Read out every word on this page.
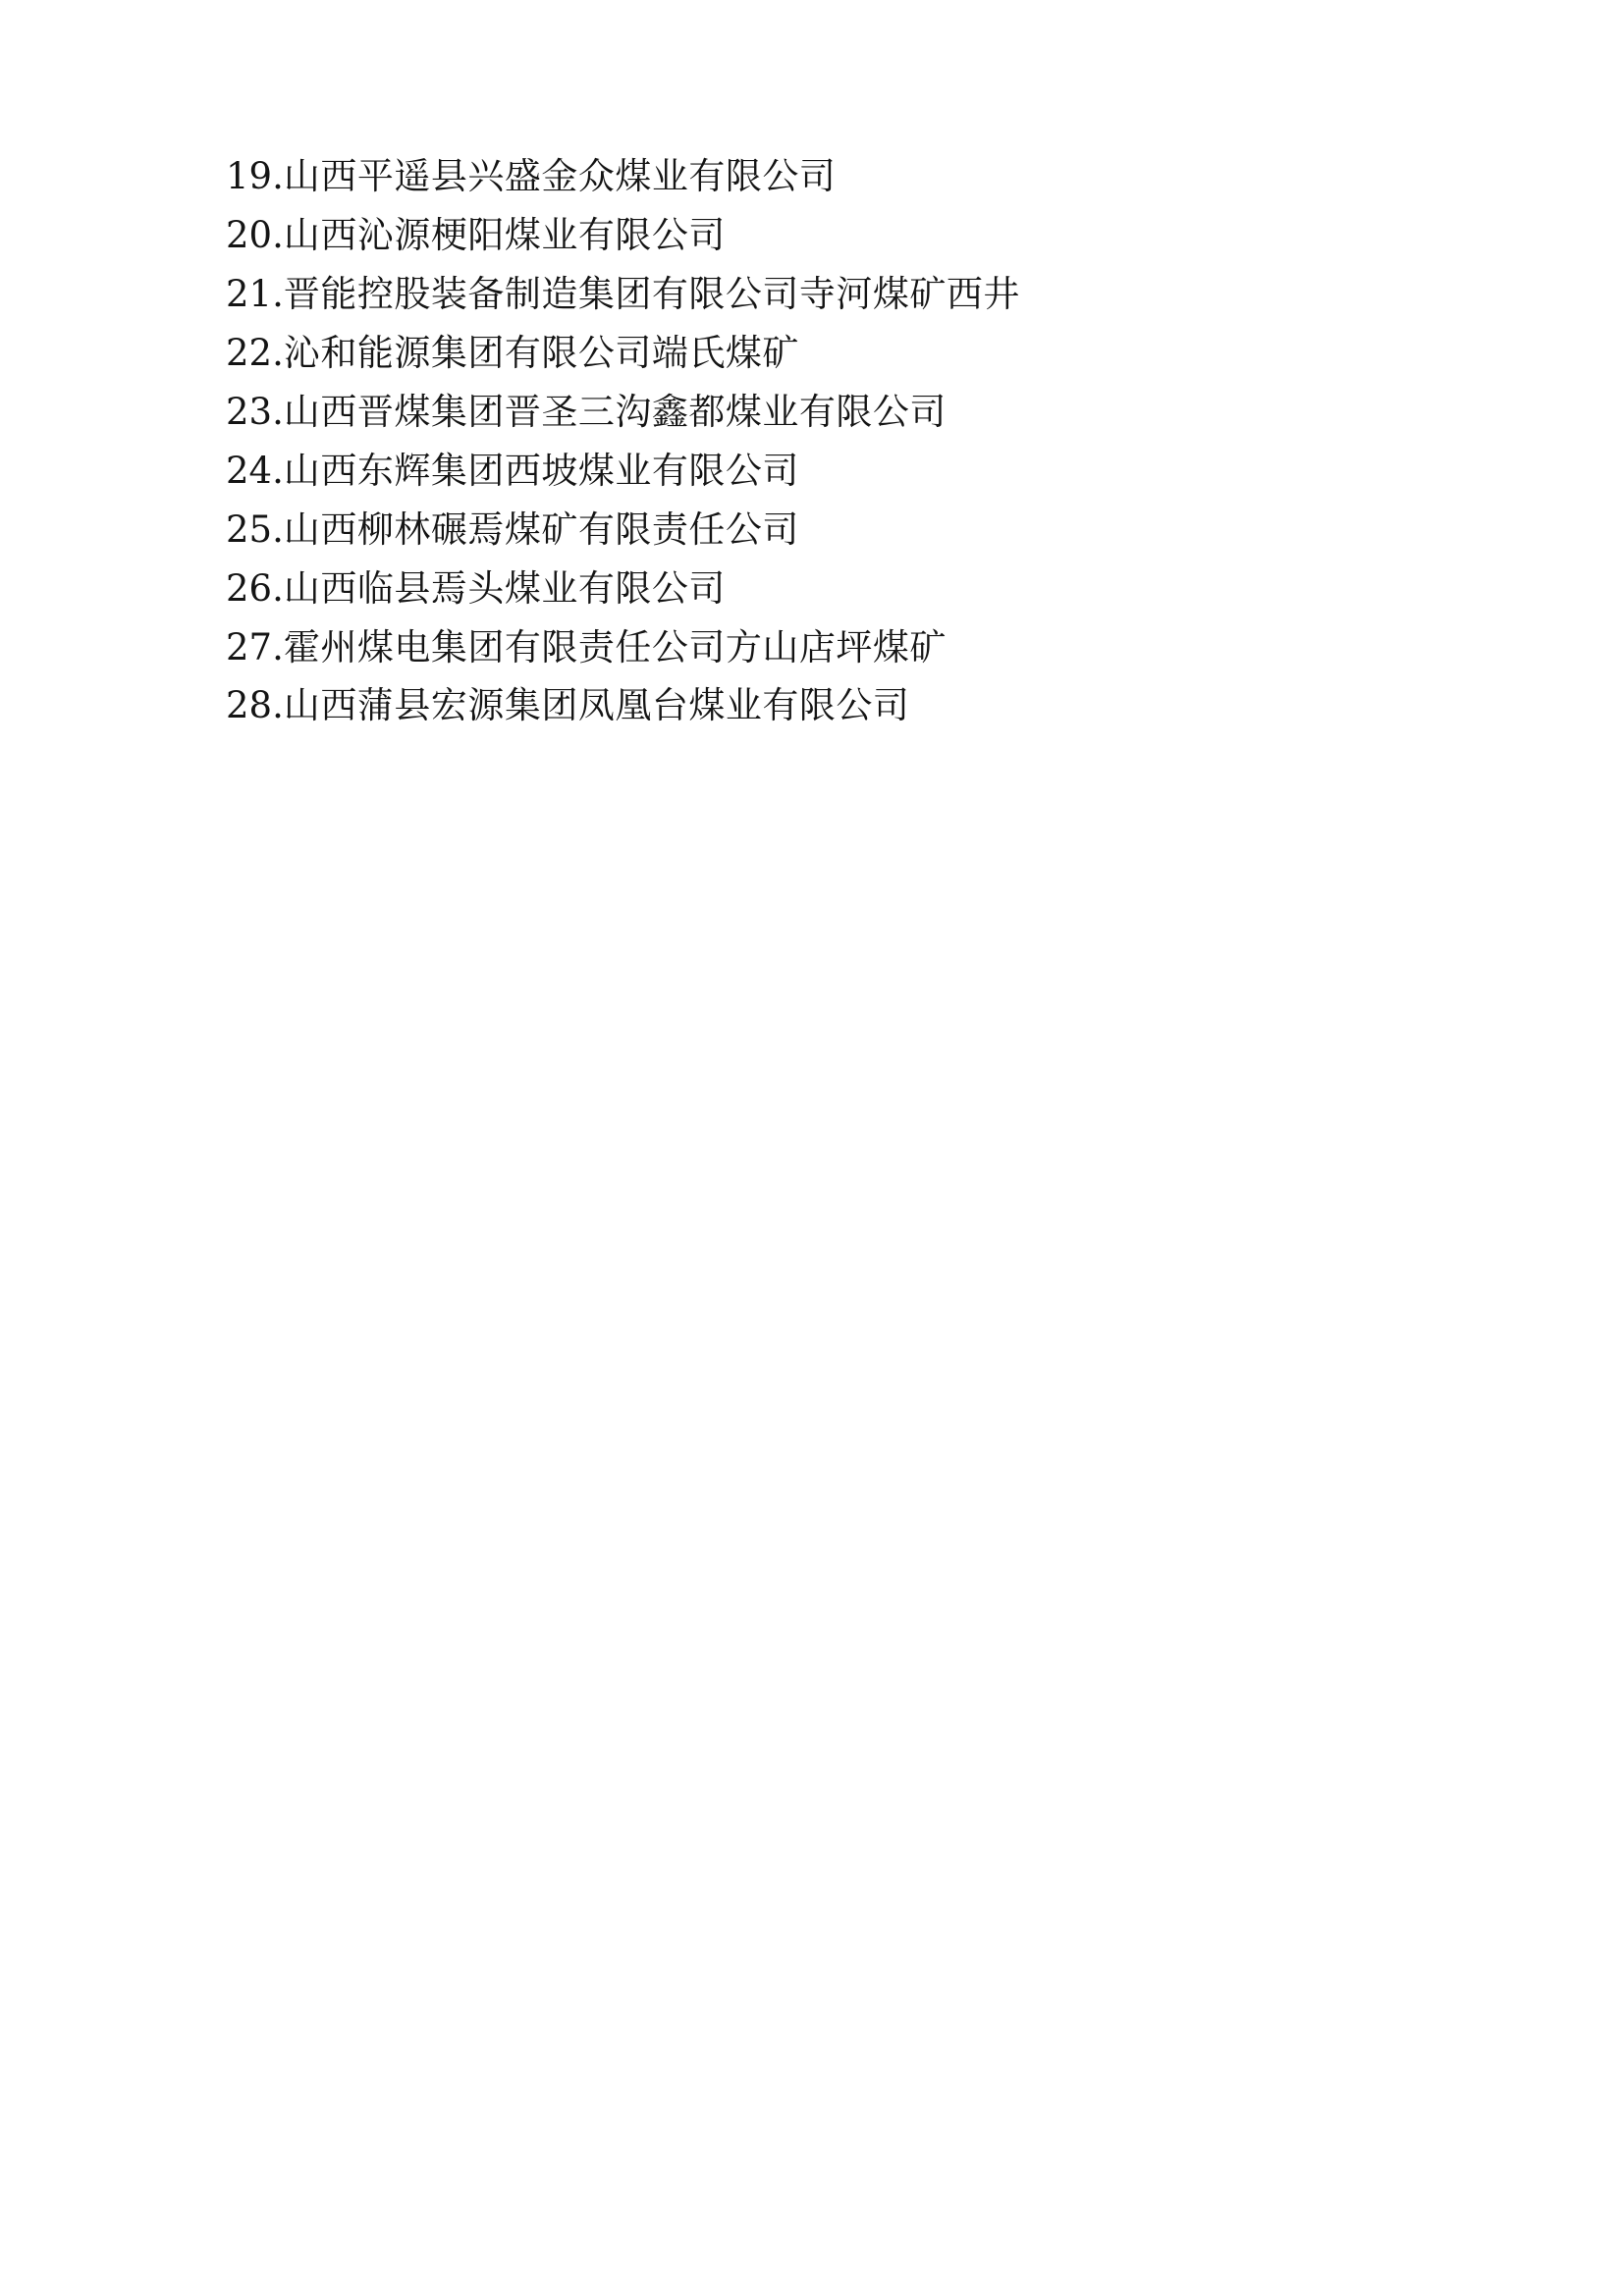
19.山西平遥县兴盛金众煤业有限公司
20.山西沁源梗阳煤业有限公司
21.晋能控股装备制造集团有限公司寺河煤矿西井
22.沁和能源集团有限公司端氏煤矿
23.山西晋煤集团晋圣三沟鑫都煤业有限公司
24.山西东辉集团西坡煤业有限公司
25.山西柳林碾焉煤矿有限责任公司
26.山西临县焉头煤业有限公司
27.霍州煤电集团有限责任公司方山店坪煤矿
28.山西蒲县宏源集团凤凰台煤业有限公司
